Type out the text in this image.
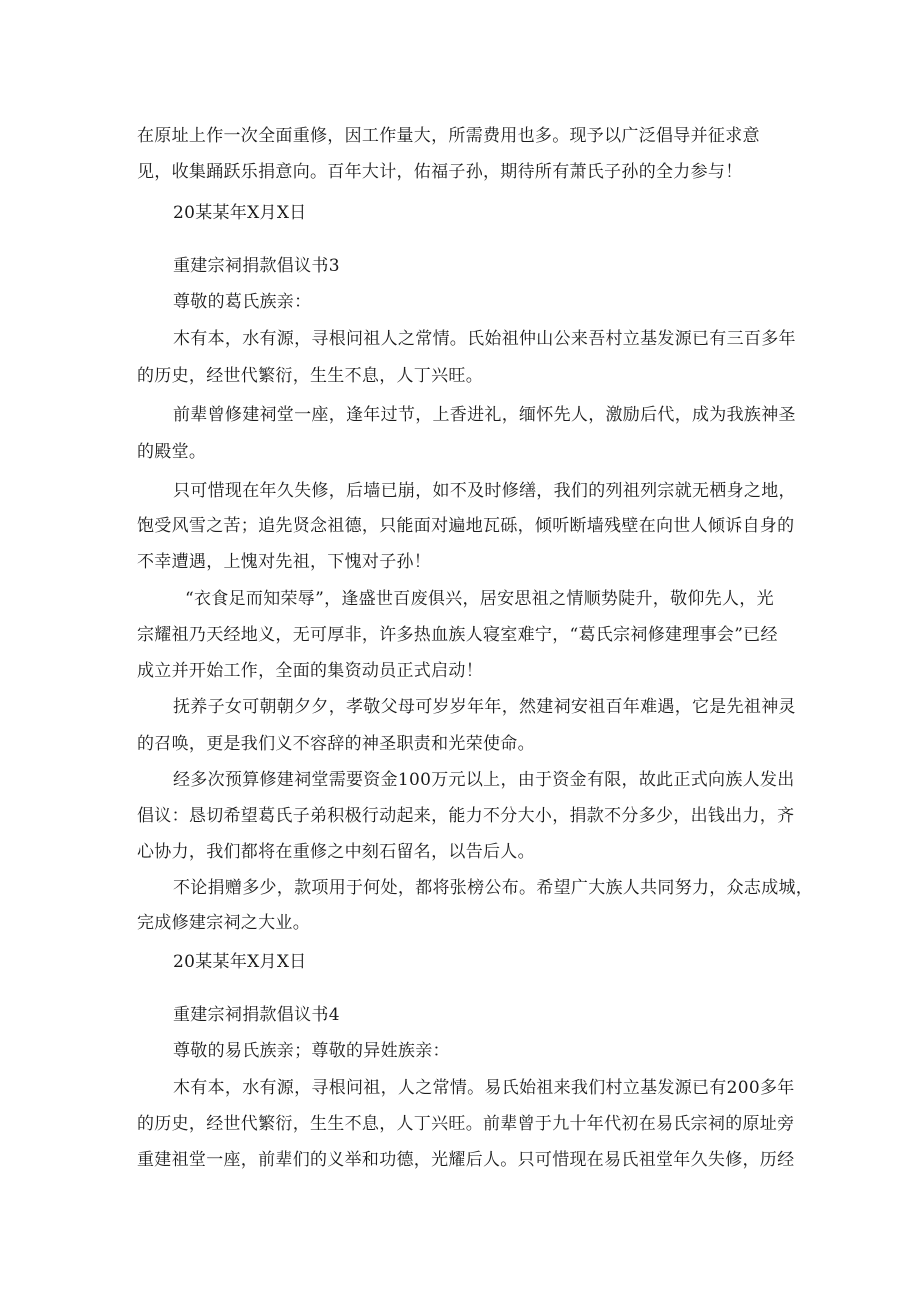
在原址上作一次全面重修，因工作量大，所需费用也多。现予以广泛倡导并征求意
见，收集踊跃乐捐意向。百年大计，佑福子孙，期待所有萧氏子孙的全力参与！
20某某年X月X日
重建宗祠捐款倡议书3
尊敬的葛氏族亲：
木有本，水有源，寻根问祖人之常情。氏始祖仲山公来吾村立基发源已有三百多年
的历史，经世代繁衍，生生不息，人丁兴旺。
前辈曾修建祠堂一座，逢年过节，上香进礼，缅怀先人，激励后代，成为我族神圣
的殿堂。
只可惜现在年久失修，后墙已崩，如不及时修缮，我们的列祖列宗就无栖身之地，
饱受风雪之苦；追先贤念祖德，只能面对遍地瓦砾，倾听断墙残壁在向世人倾诉自身的
不幸遭遇，上愧对先祖，下愧对子孙！
“衣食足而知荣辱”，逢盛世百废俱兴，居安思祖之情顺势陡升，敬仰先人，光
宗耀祖乃天经地义，无可厚非，许多热血族人寝室难宁，“葛氏宗祠修建理事会”已经
成立并开始工作，全面的集资动员正式启动！
抚养子女可朝朝夕夕，孝敬父母可岁岁年年，然建祠安祖百年难遇，它是先祖神灵
的召唤，更是我们义不容辞的神圣职责和光荣使命。
经多次预算修建祠堂需要资金100万元以上，由于资金有限，故此正式向族人发出
倡议：恳切希望葛氏子弟积极行动起来，能力不分大小，捐款不分多少，出钱出力，齐
心协力，我们都将在重修之中刻石留名，以告后人。
不论捐赠多少，款项用于何处，都将张榜公布。希望广大族人共同努力，众志成城，
完成修建宗祠之大业。
20某某年X月X日
重建宗祠捐款倡议书4
尊敬的易氏族亲；尊敬的异姓族亲：
木有本，水有源，寻根问祖，人之常情。易氏始祖来我们村立基发源已有200多年
的历史，经世代繁衍，生生不息，人丁兴旺。前辈曾于九十年代初在易氏宗祠的原址旁
重建祖堂一座，前辈们的义举和功德，光耀后人。只可惜现在易氏祖堂年久失修，历经
